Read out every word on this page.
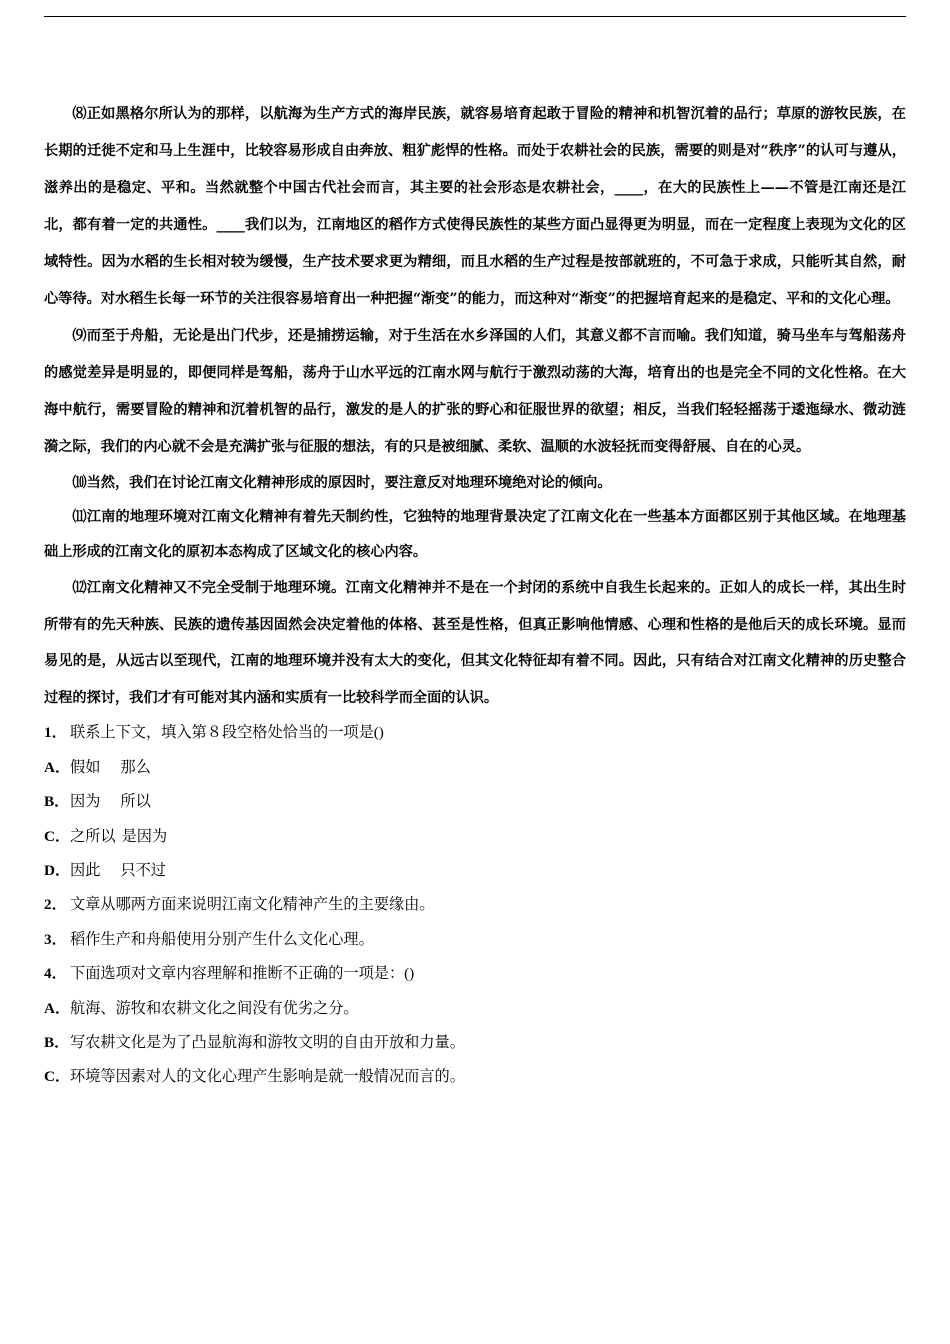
⑻正如黑格尔所认为的那样，以航海为生产方式的海岸民族，就容易培育起敢于冒险的精神和机智沉着的品行；草原的游牧民族，在长期的迁徙不定和马上生涯中，比较容易形成自由奔放、粗犷彪悍的性格。而处于农耕社会的民族，需要的则是对“秩序”的认可与遵从，滋养出的是稳定、平和。当然就整个中国古代社会而言，其主要的社会形态是农耕社会，____，在大的民族性上——不管是江南还是江北，都有着一定的共通性。____我们以为，江南地区的稻作方式使得民族性的某些方面凸显得更为明显，而在一定程度上表现为文化的区域特性。因为水稻的生长相对较为缓慢，生产技术要求更为精细，而且水稻的生产过程是按部就班的，不可急于求成，只能听其自然，耐心等待。对水稻生长每一环节的关注很容易培育出一种把握“渐变”的能力，而这种对“渐变”的把握培育起来的是稳定、平和的文化心理。

⑼而至于舟船，无论是出门代步，还是捕捞运输，对于生活在水乡泽国的人们，其意义都不言而喻。我们知道，骑马坐车与驾船荡舟的感觉差异是明显的，即便同样是驾船，荡舟于山水平远的江南水网与航行于激烈动荡的大海，培育出的也是完全不同的文化性格。在大海中航行，需要冒险的精神和沉着机智的品行，激发的是人的扩张的野心和征服世界的欲望；相反，当我们轻轻摇荡于逶迤绿水、微动涟漪之际，我们的内心就不会是充满扩张与征服的想法，有的只是被细腻、柔软、温顺的水波轻抚而变得舒展、自在的心灵。

⑽当然，我们在讨论江南文化精神形成的原因时，要注意反对地理环境绝对论的倾向。

⑾江南的地理环境对江南文化精神有着先天制约性，它独特的地理背景决定了江南文化在一些基本方面都区别于其他区域。在地理基础上形成的江南文化的原初本态构成了区域文化的核心内容。

⑿江南文化精神又不完全受制于地理环境。江南文化精神并不是在一个封闭的系统中自我生长起来的。正如人的成长一样，其出生时所带有的先天种族、民族的遗传基因固然会决定着他的体格、甚至是性格，但真正影响他情感、心理和性格的是他后天的成长环境。显而易见的是，从远古以至现代，江南的地理环境并没有太大的变化，但其文化特征却有着不同。因此，只有结合对江南文化精神的历史整合过程的探讨，我们才有可能对其内涵和实质有一比较科学而全面的认识。

1． 联系上下文，填入第８段空格处恰当的一项是()

A．假如 那么

B．因为 所以

C．之所以 是因为

D．因此 只不过

2． 文章从哪两方面来说明江南文化精神产生的主要缘由。

3． 稻作生产和舟船使用分别产生什么文化心理。

4． 下面选项对文章内容理解和推断不正确的一项是：()

A．航海、游牧和农耕文化之间没有优劣之分。

B．写农耕文化是为了凸显航海和游牧文明的自由开放和力量。

C．环境等因素对人的文化心理产生影响是就一般情况而言的。
